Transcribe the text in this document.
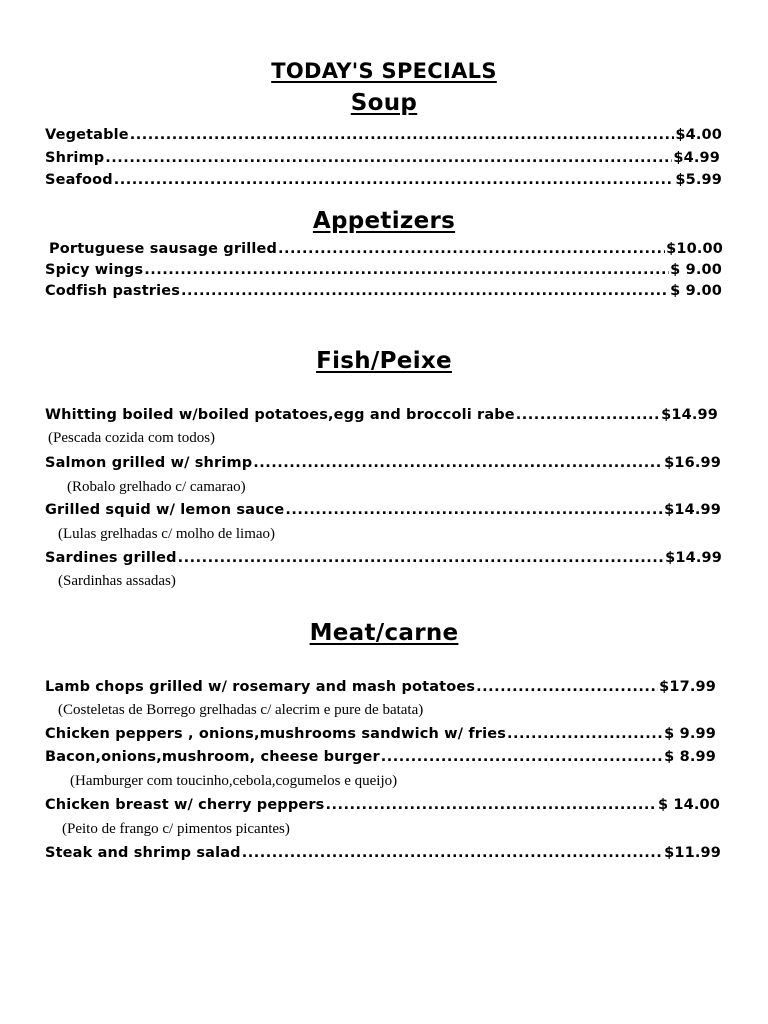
TODAY'S SPECIALS
Soup
Vegetable .....	$4.00
Shrimp .....	$4.99
Seafood .....	$5.99
Appetizers
Portuguese sausage grilled .....	$10.00
Spicy wings .....	$ 9.00
Codfish pastries .....	$ 9.00
Fish/Peixe
Whitting boiled w/boiled potatoes,egg and broccoli rabe .....	$14.99
(Pescada cozida com todos)
Salmon grilled w/ shrimp .....	$16.99
(Robalo grelhado c/ camarao)
Grilled squid w/ lemon sauce .....	$14.99
(Lulas grelhadas c/ molho de limao)
Sardines grilled .....	$14.99
(Sardinhas assadas)
Meat/carne
Lamb chops grilled w/ rosemary and mash potatoes .....	$17.99
(Costeletas de Borrego grelhadas c/ alecrim e pure de batata)
Chicken peppers , onions,mushrooms sandwich w/ fries .....	$ 9.99
Bacon,onions,mushroom, cheese burger .....	$ 8.99
(Hamburger com toucinho,cebola,cogumelos e queijo)
Chicken breast w/ cherry peppers .....	$ 14.00
(Peito de frango c/ pimentos picantes)
Steak and shrimp salad .....	$11.99
